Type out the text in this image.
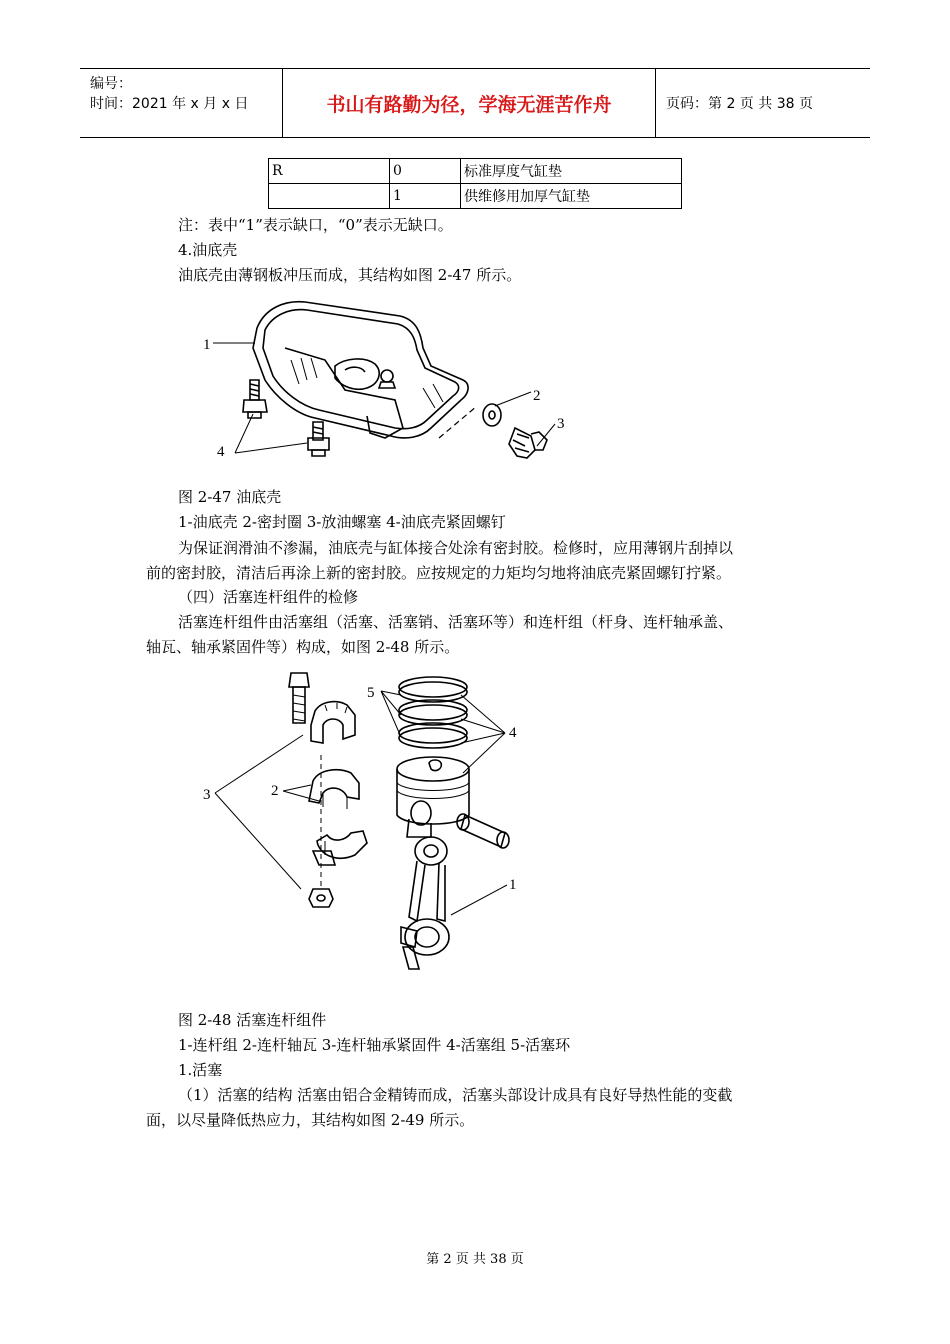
编号：
时间：2021 年 x 月 x 日	书山有路勤为径，学海无涯苦作舟	页码：第 2 页 共 38 页
R	0	标准厚度气缸垫
	1	供维修用加厚气缸垫
注：表中“1”表示缺口，“0”表示无缺口。
4.油底壳
油底壳由薄钢板冲压而成，其结构如图 2-47 所示。
1
2
3
4
图 2-47 油底壳
1-油底壳 2-密封圈 3-放油螺塞 4-油底壳紧固螺钉
为保证润滑油不渗漏，油底壳与缸体接合处涂有密封胶。检修时，应用薄钢片刮掉以
前的密封胶，清洁后再涂上新的密封胶。应按规定的力矩均匀地将油底壳紧固螺钉拧紧。
（四）活塞连杆组件的检修
活塞连杆组件由活塞组（活塞、活塞销、活塞环等）和连杆组（杆身、连杆轴承盖、
轴瓦、轴承紧固件等）构成，如图 2-48 所示。
3	2
5
4
1
图 2-48 活塞连杆组件
1-连杆组 2-连杆轴瓦 3-连杆轴承紧固件 4-活塞组 5-活塞环
1.活塞
（1）活塞的结构 活塞由铝合金精铸而成，活塞头部设计成具有良好导热性能的变截
面，以尽量降低热应力，其结构如图 2-49 所示。
第 2 页 共 38 页
